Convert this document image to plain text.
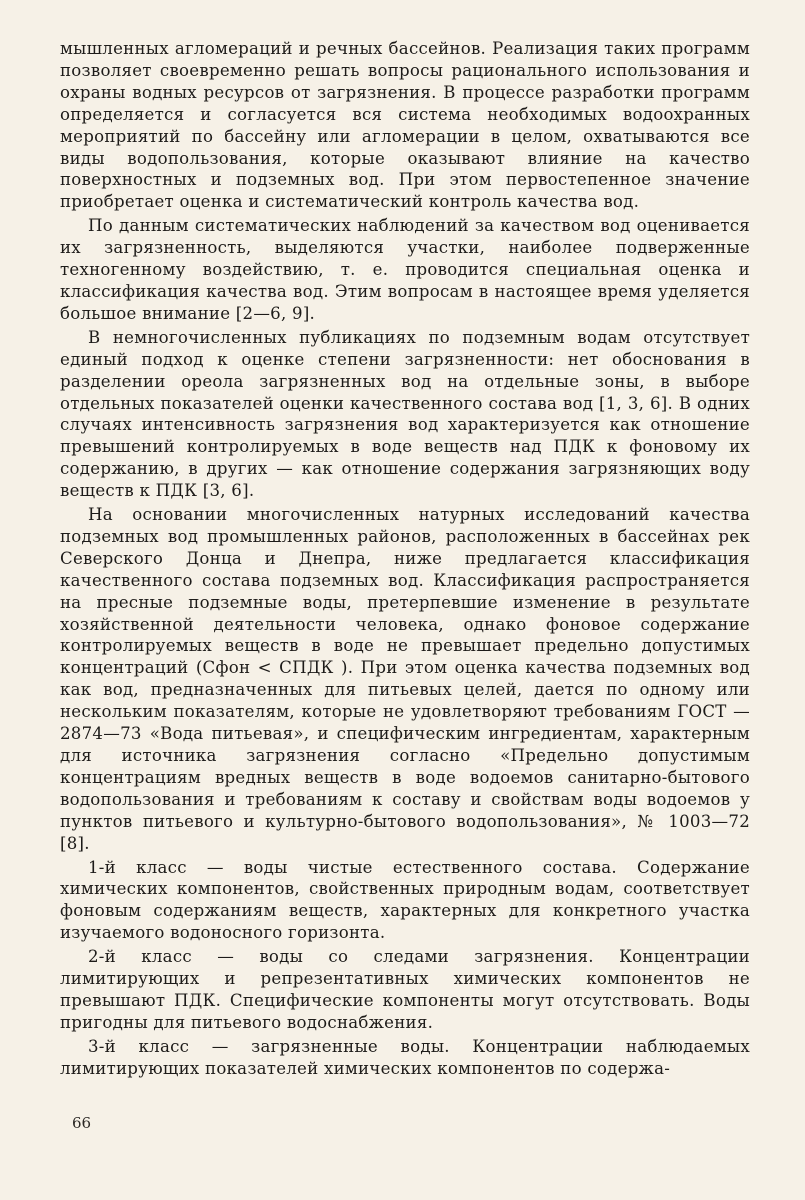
мышленных агломераций и речных бассейнов. Реализация таких программ позволяет своевременно решать вопросы рационального использования и охраны водных ресурсов от загрязнения. В процессе разработки программ определяется и согласуется вся система необходимых водоохранных мероприятий по бассейну или агломерации в целом, охватываются все виды водопользования, которые оказывают влияние на качество поверхностных и подземных вод. При этом первостепенное значение приобретает оценка и систематический контроль качества вод.

По данным систематических наблюдений за качеством вод оценивается их загрязненность, выделяются участки, наиболее подверженные техногенному воздействию, т. е. проводится специальная оценка и классификация качества вод. Этим вопросам в настоящее время уделяется большое внимание [2—6, 9].

В немногочисленных публикациях по подземным водам отсутствует единый подход к оценке степени загрязненности: нет обоснования в разделении ореола загрязненных вод на отдельные зоны, в выборе отдельных показателей оценки качественного состава вод [1, 3, 6]. В одних случаях интенсивность загрязнения вод характеризуется как отношение превышений контролируемых в воде веществ над ПДК к фоновому их содержанию, в других — как отношение содержания загрязняющих воду веществ к ПДК [3, 6].

На основании многочисленных натурных исследований качества подземных вод промышленных районов, расположенных в бассейнах рек Северского Донца и Днепра, ниже предлагается классификация качественного состава подземных вод. Классификация распространяется на пресные подземные воды, претерпевшие изменение в результате хозяйственной деятельности человека, однако фоновое содержание контролируемых веществ в воде не превышает предельно допустимых концентраций (Cфон < CПДК ). При этом оценка качества подземных вод как вод, предназначенных для питьевых целей, дается по одному или нескольким показателям, которые не удовлетворяют требованиям ГОСТ — 2874—73 «Вода питьевая», и специфическим ингредиентам, характерным для источника загрязнения согласно «Предельно допустимым концентрациям вредных веществ в воде водоемов санитарно-бытового водопользования и требованиям к составу и свойствам воды водоемов у пунктов питьевого и культурно-бытового водопользования», № 1003—72 [8].

1-й класс — воды чистые естественного состава. Содержание химических компонентов, свойственных природным водам, соответствует фоновым содержаниям веществ, характерных для конкретного участка изучаемого водоносного горизонта.

2-й класс — воды со следами загрязнения. Концентрации лимитирующих и репрезентативных химических компонентов не превышают ПДК. Специфические компоненты могут отсутствовать. Воды пригодны для питьевого водоснабжения.

3-й класс — загрязненные воды. Концентрации наблюдаемых лимитирующих показателей химических компонентов по содержа-

66
